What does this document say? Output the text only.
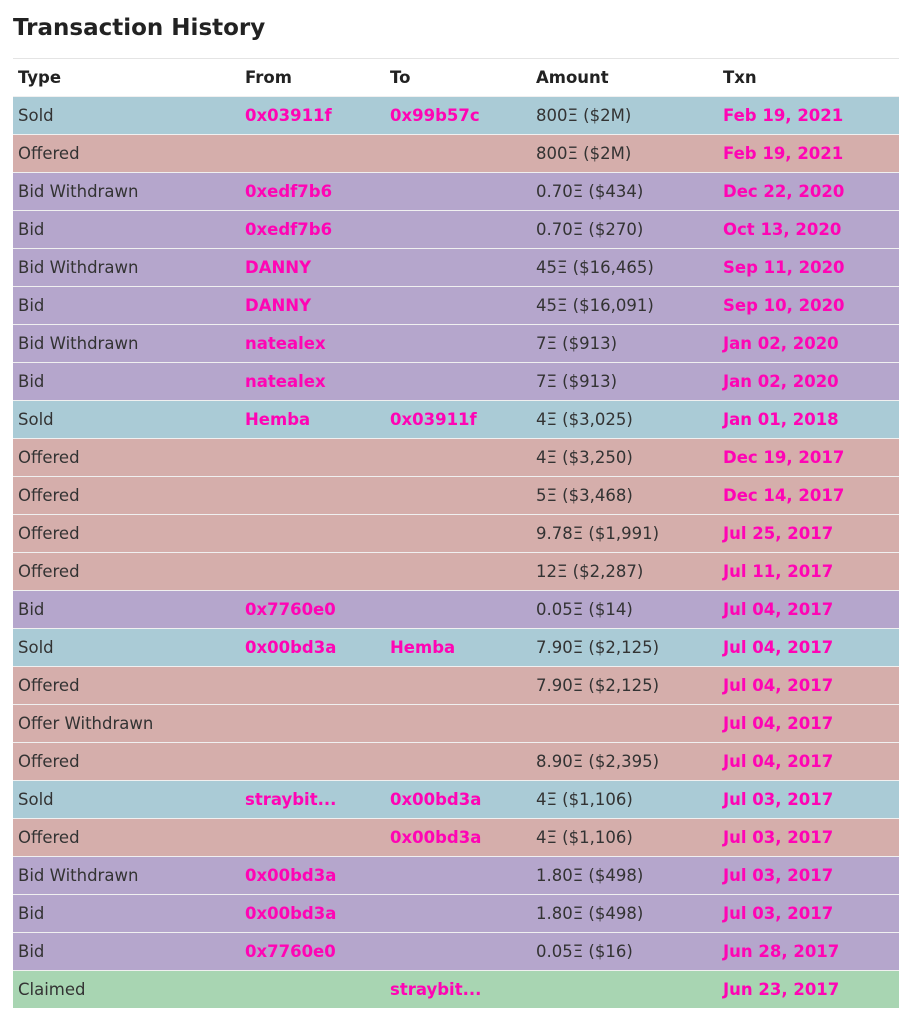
Transaction History
Type	From	To	Amount	Txn
Sold	0x03911f	0x99b57c	800Ξ ($2M)	Feb 19, 2021
Offered			800Ξ ($2M)	Feb 19, 2021
Bid Withdrawn	0xedf7b6		0.70Ξ ($434)	Dec 22, 2020
Bid	0xedf7b6		0.70Ξ ($270)	Oct 13, 2020
Bid Withdrawn	DANNY		45Ξ ($16,465)	Sep 11, 2020
Bid	DANNY		45Ξ ($16,091)	Sep 10, 2020
Bid Withdrawn	natealex		7Ξ ($913)	Jan 02, 2020
Bid	natealex		7Ξ ($913)	Jan 02, 2020
Sold	Hemba	0x03911f	4Ξ ($3,025)	Jan 01, 2018
Offered			4Ξ ($3,250)	Dec 19, 2017
Offered			5Ξ ($3,468)	Dec 14, 2017
Offered			9.78Ξ ($1,991)	Jul 25, 2017
Offered			12Ξ ($2,287)	Jul 11, 2017
Bid	0x7760e0		0.05Ξ ($14)	Jul 04, 2017
Sold	0x00bd3a	Hemba	7.90Ξ ($2,125)	Jul 04, 2017
Offered			7.90Ξ ($2,125)	Jul 04, 2017
Offer Withdrawn				Jul 04, 2017
Offered			8.90Ξ ($2,395)	Jul 04, 2017
Sold	straybit...	0x00bd3a	4Ξ ($1,106)	Jul 03, 2017
Offered		0x00bd3a	4Ξ ($1,106)	Jul 03, 2017
Bid Withdrawn	0x00bd3a		1.80Ξ ($498)	Jul 03, 2017
Bid	0x00bd3a		1.80Ξ ($498)	Jul 03, 2017
Bid	0x7760e0		0.05Ξ ($16)	Jun 28, 2017
Claimed		straybit...		Jun 23, 2017
